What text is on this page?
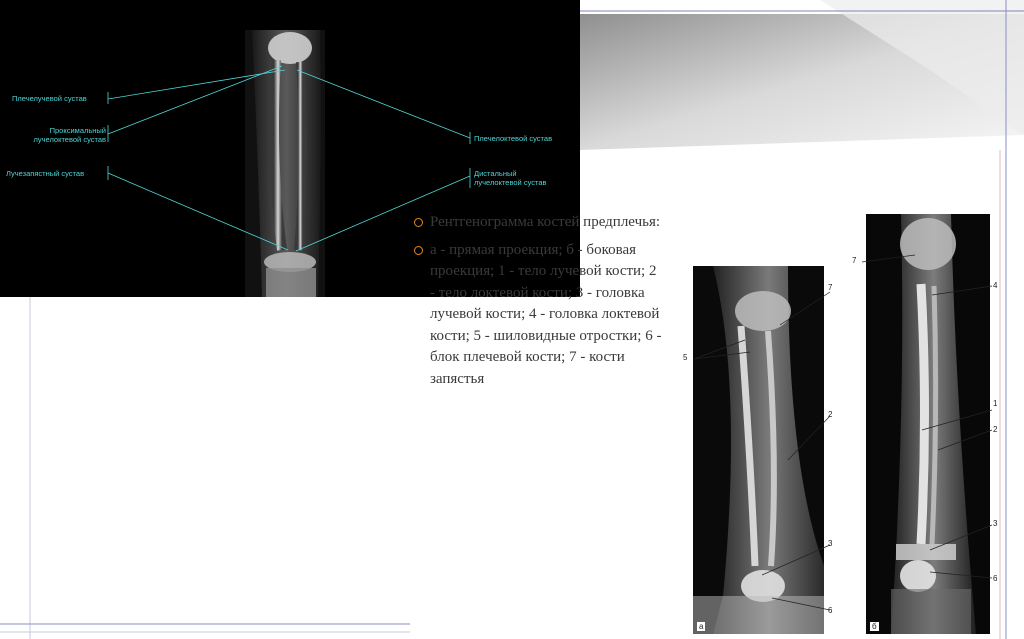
Плечелучевой сустав
Проксимальный
лучелоктевой сустав
Лучезапястный сустав
Плечелоктевой сустав
Дистальный
лучелоктевой сустав
Рентгенограмма костей предплечья:
а - прямая проекция; б - боковая проекция; 1 - тело лучевой кости; 2 - тело локтевой кости; 3 - головка лучевой кости; 4 - головка локтевой кости; 5 - шиловидные отростки; 6 - блок плечевой кости; 7 - кости запястья
7
5
2
3
6
а
7
4
1
2
3
6
б
